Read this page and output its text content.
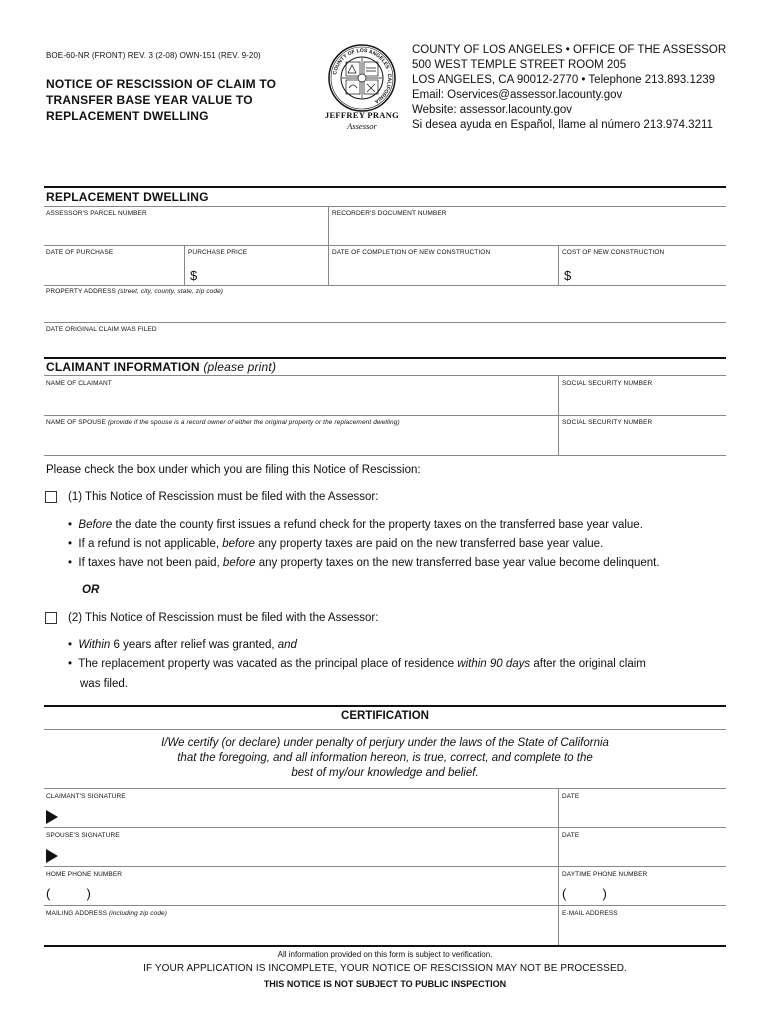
BOE-60-NR (FRONT) REV. 3 (2-08) OWN-151 (REV. 9-20)
NOTICE OF RESCISSION OF CLAIM TO
TRANSFER BASE YEAR VALUE TO
REPLACEMENT DWELLING
COUNTY OF LOS ANGELES · CALIFORNIA
JEFFREY PRANG
Assessor
COUNTY OF LOS ANGELES • OFFICE OF THE ASSESSOR
500 WEST TEMPLE STREET ROOM 205
LOS ANGELES, CA 90012-2770 • Telephone 213.893.1239
Email: Oservices@assessor.lacounty.gov
Website: assessor.lacounty.gov
Si desea ayuda en Español, llame al número 213.974.3211
REPLACEMENT DWELLING
ASSESSOR'S PARCEL NUMBER	RECORDER'S DOCUMENT NUMBER
DATE OF PURCHASE	PURCHASE PRICE
$
DATE OF COMPLETION OF NEW CONSTRUCTION	COST OF NEW CONSTRUCTION
$
PROPERTY ADDRESS (street, city, county, state, zip code)
DATE ORIGINAL CLAIM WAS FILED
CLAIMANT INFORMATION (please print)
NAME OF CLAIMANT	SOCIAL SECURITY NUMBER
NAME OF SPOUSE (provide if the spouse is a record owner of either the original property or the replacement dwelling)	SOCIAL SECURITY NUMBER
Please check the box under which you are filing this Notice of Rescission:
(1) This Notice of Rescission must be filed with the Assessor:
•  Before the date the county first issues a refund check for the property taxes on the transferred base year value.
•  If a refund is not applicable, before any property taxes are paid on the new transferred base year value.
•  If taxes have not been paid, before any property taxes on the new transferred base year value become delinquent.
OR
(2) This Notice of Rescission must be filed with the Assessor:
•  Within 6 years after relief was granted, and
•  The replacement property was vacated as the principal place of residence within 90 days after the original claim
was filed.
CERTIFICATION
I/We certify (or declare) under penalty of perjury under the laws of the State of California
that the foregoing, and all information hereon, is true, correct, and complete to the
best of my/our knowledge and belief.
CLAIMANT'S SIGNATURE	DATE
SPOUSE'S SIGNATURE	DATE
HOME PHONE NUMBER	DAYTIME PHONE NUMBER
(          )	(          )
MAILING ADDRESS (including zip code)	E-MAIL ADDRESS
All information provided on this form is subject to verification.
IF YOUR APPLICATION IS INCOMPLETE, YOUR NOTICE OF RESCISSION MAY NOT BE PROCESSED.
THIS NOTICE IS NOT SUBJECT TO PUBLIC INSPECTION
